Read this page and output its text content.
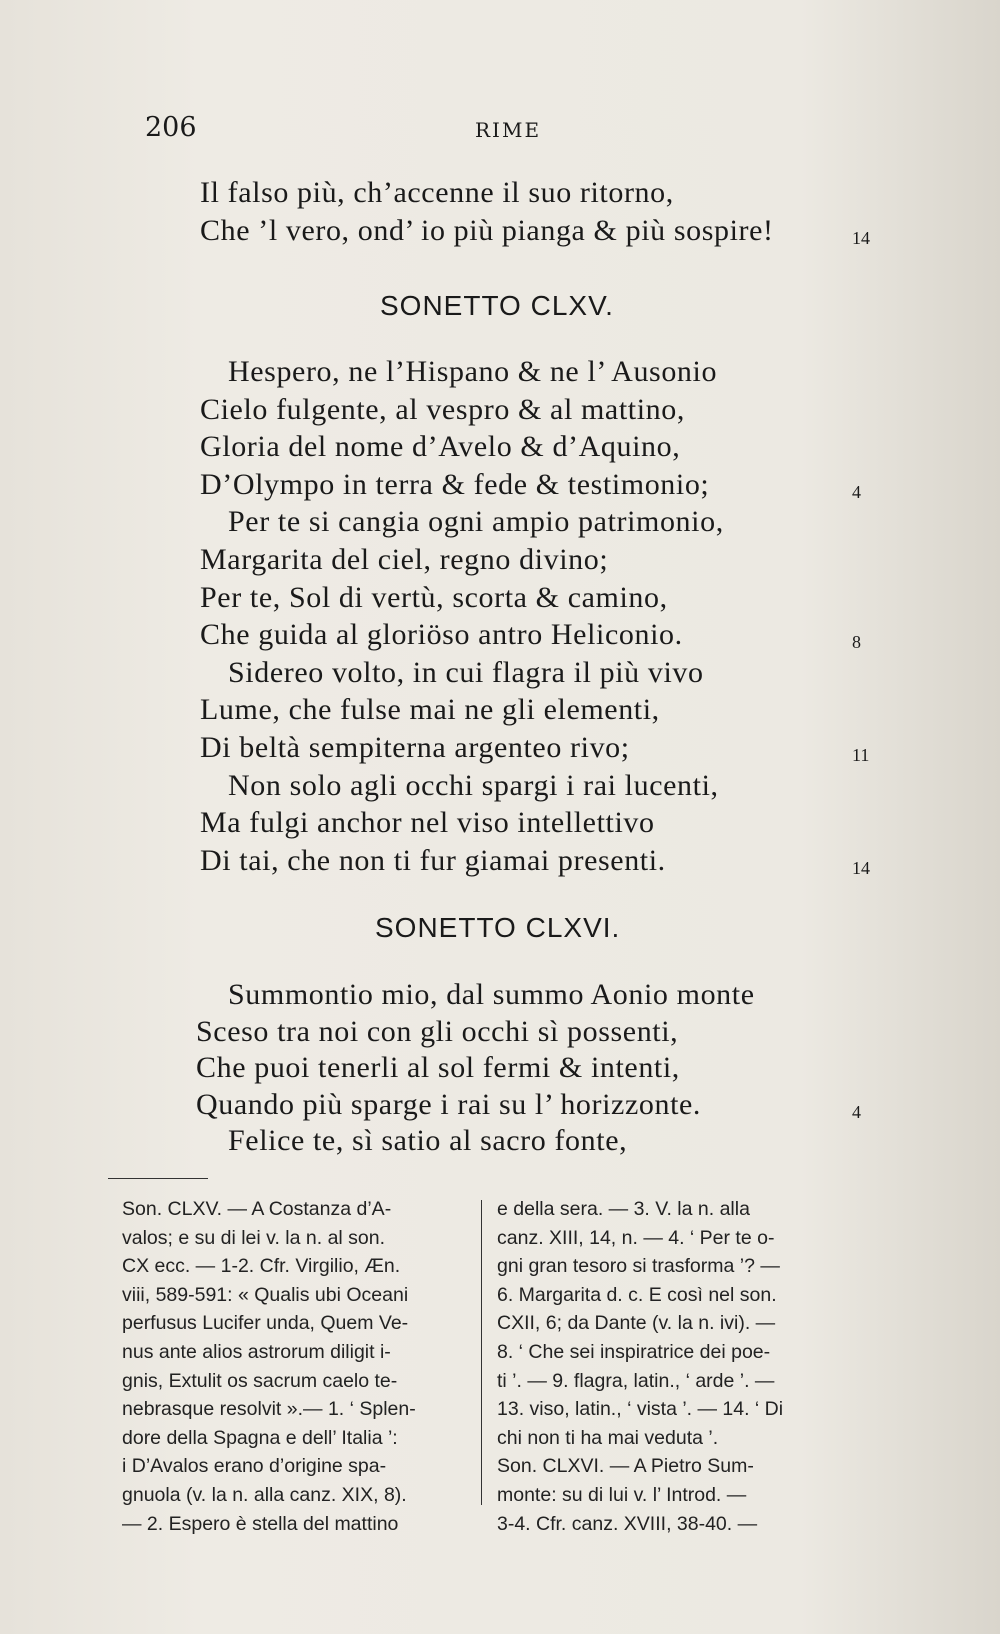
206	RIME
Il falso più, ch’accenne il suo ritorno,
Che ’l vero, ond’ io più pianga & più sospire!	14
SONETTO CLXV.
Hespero, ne l’Hispano & ne l’ Ausonio
Cielo fulgente, al vespro & al mattino,
Gloria del nome d’Avelo & d’Aquino,
D’Olympo in terra & fede & testimonio;	4
Per te si cangia ogni ampio patrimonio,
Margarita del ciel, regno divino;
Per te, Sol di vertù, scorta & camino,
Che guida al gloriöso antro Heliconio.	8
Sidereo volto, in cui flagra il più vivo
Lume, che fulse mai ne gli elementi,
Di beltà sempiterna argenteo rivo;	11
Non solo agli occhi spargi i rai lucenti,
Ma fulgi anchor nel viso intellettivo
Di tai, che non ti fur giamai presenti.	14
SONETTO CLXVI.
Summontio mio, dal summo Aonio monte
Sceso tra noi con gli occhi sì possenti,
Che puoi tenerli al sol fermi & intenti,
Quando più sparge i rai su l’ horizzonte.	4
Felice te, sì satio al sacro fonte,
Son. CLXV. — A Costanza d’A-
valos; e su di lei v. la n. al son.
CX ecc. — 1-2. Cfr. Virgilio, Æn.
viii, 589-591: « Qualis ubi Oceani
perfusus Lucifer unda, Quem Ve-
nus ante alios astrorum diligit i-
gnis, Extulit os sacrum caelo te-
nebrasque resolvit ».— 1. ‘ Splen-
dore della Spagna e dell’ Italia ’:
i D’Avalos erano d’origine spa-
gnuola (v. la n. alla canz. XIX, 8).
— 2. Espero è stella del mattino
e della sera. — 3. V. la n. alla
canz. XIII, 14, n. — 4. ‘ Per te o-
gni gran tesoro si trasforma ’? —
6. Margarita d. c. E così nel son.
CXII, 6; da Dante (v. la n. ivi). —
8. ‘ Che sei inspiratrice dei poe-
ti ’. — 9. flagra, latin., ‘ arde ’. —
13. viso, latin., ‘ vista ’. — 14. ‘ Di
chi non ti ha mai veduta ’.
Son. CLXVI. — A Pietro Sum-
monte: su di lui v. l’ Introd. —
3-4. Cfr. canz. XVIII, 38-40. —
